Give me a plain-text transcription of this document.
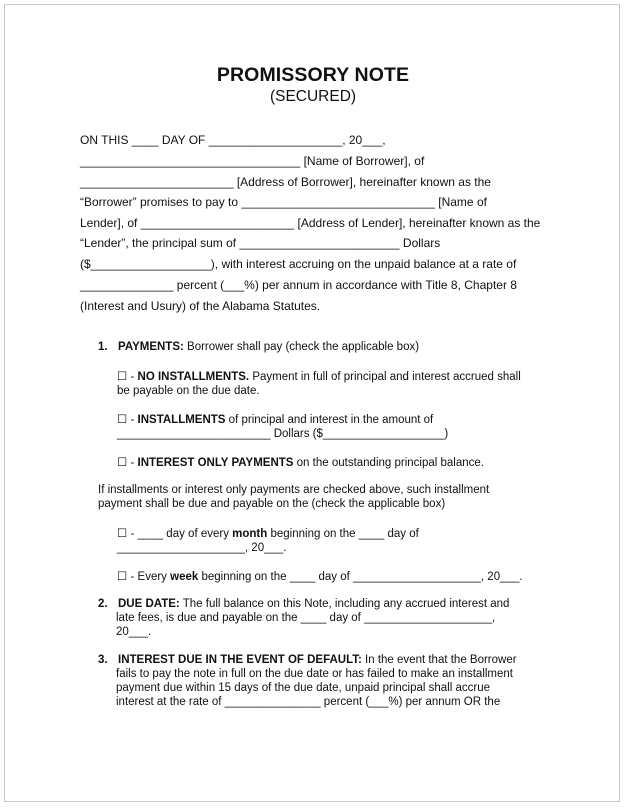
PROMISSORY NOTE
(SECURED)
ON THIS ____ DAY OF ____________________, 20___,
_________________________________ [Name of Borrower], of
_______________________ [Address of Borrower], hereinafter known as the
“Borrower” promises to pay to _____________________________ [Name of
Lender], of _______________________ [Address of Lender], hereinafter known as the
“Lender”, the principal sum of ________________________ Dollars
($__________________), with interest accruing on the unpaid balance at a rate of
______________ percent (___%) per annum in accordance with Title 8, Chapter 8
(Interest and Usury) of the Alabama Statutes.
1. PAYMENTS: Borrower shall pay (check the applicable box)
☐ - NO INSTALLMENTS. Payment in full of principal and interest accrued shall
be payable on the due date.
☐ - INSTALLMENTS of principal and interest in the amount of
________________________ Dollars ($___________________)
☐ - INTEREST ONLY PAYMENTS on the outstanding principal balance.
If installments or interest only payments are checked above, such installment
payment shall be due and payable on the (check the applicable box)
☐ - ____ day of every month beginning on the ____ day of
____________________, 20___.
☐ - Every week beginning on the ____ day of ____________________, 20___.
2. DUE DATE: The full balance on this Note, including any accrued interest and
late fees, is due and payable on the ____ day of ____________________,
20___.
3. INTEREST DUE IN THE EVENT OF DEFAULT: In the event that the Borrower
fails to pay the note in full on the due date or has failed to make an installment
payment due within 15 days of the due date, unpaid principal shall accrue
interest at the rate of _______________ percent (___%) per annum OR the
